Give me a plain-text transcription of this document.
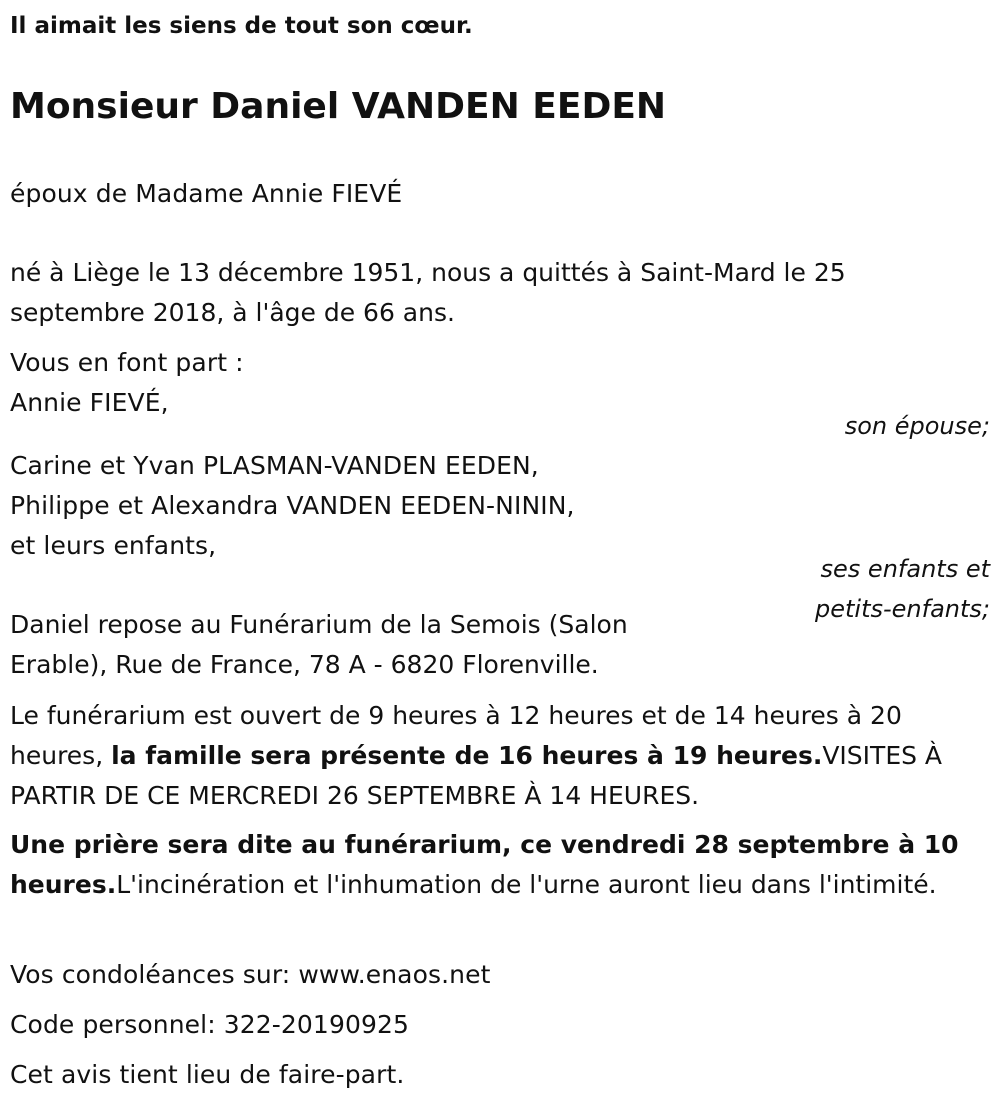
Il aimait les siens de tout son cœur.

Monsieur Daniel VANDEN EEDEN

époux de Madame Annie FIEVÉ

né à Liège le 13 décembre 1951, nous a quittés à Saint-Mard le 25 septembre 2018, à l'âge de 66 ans.

Vous en font part :

Annie FIEVÉ,

son épouse;

Carine et Yvan PLASMAN-VANDEN EEDEN,

Philippe et Alexandra VANDEN EEDEN-NININ,

et leurs enfants,

ses enfants et
petits-enfants;

Daniel repose au Funérarium de la Semois (Salon Erable), Rue de France, 78 A - 6820 Florenville.

Le funérarium est ouvert de 9 heures à 12 heures et de 14 heures à 20 heures, la famille sera présente de 16 heures à 19 heures.VISITES À PARTIR DE CE MERCREDI 26 SEPTEMBRE À 14 HEURES.

Une prière sera dite au funérarium, ce vendredi 28 septembre à 10 heures.L'incinération et l'inhumation de l'urne auront lieu dans l'intimité.

Vos condoléances sur: www.enaos.net

Code personnel: 322-20190925

Cet avis tient lieu de faire-part.
